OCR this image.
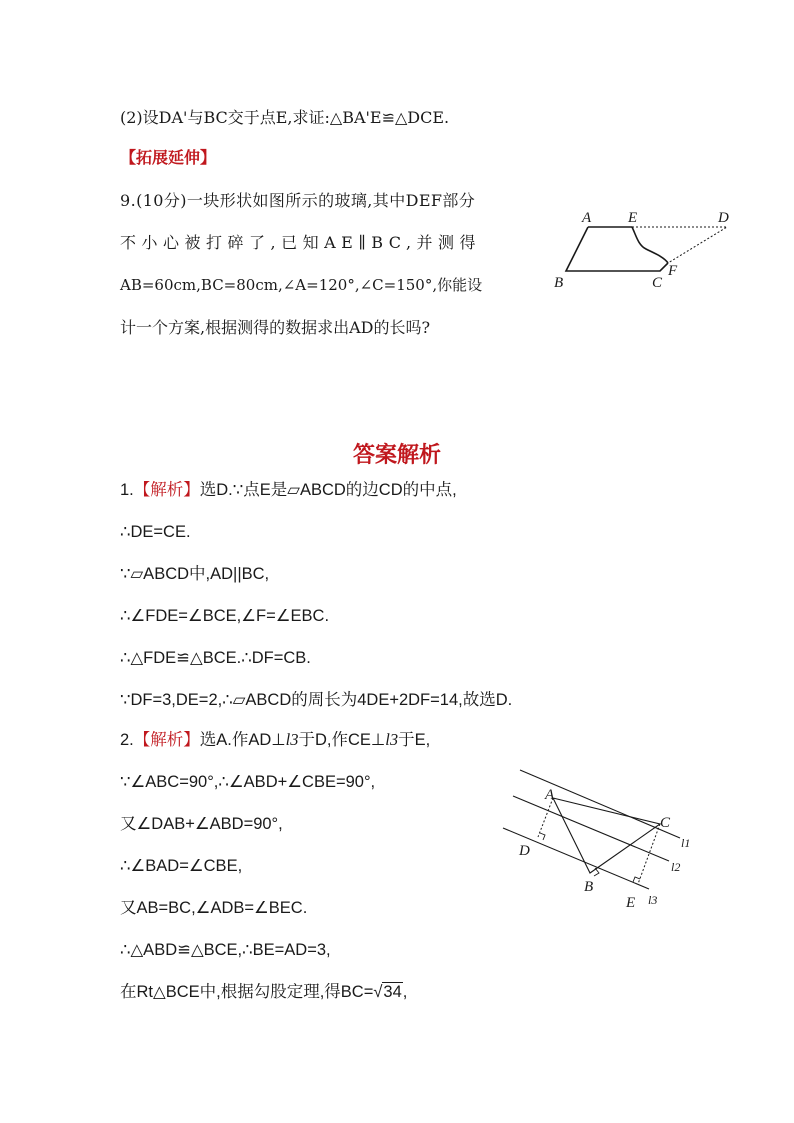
(2)设DA'与BC交于点E,求证:△BA'E≌△DCE.
【拓展延伸】
9.(10分)一块形状如图所示的玻璃,其中DEF部分
不小心被打碎了,已知AE∥BC,并测得
AB=60cm,BC=80cm,∠A=120°,∠C=150°,你能设
计一个方案,根据测得的数据求出AD的长吗?
A E	D
B	C
F
答案解析
1.【解析】选D.∵点E是▱ABCD的边CD的中点,
∴DE=CE.
∵▱ABCD中,AD||BC,
∴∠FDE=∠BCE,∠F=∠EBC.
∴△FDE≌△BCE.∴DF=CB.
∵DF=3,DE=2,∴▱ABCD的周长为4DE+2DF=14,故选D.
2.【解析】选A.作AD⊥l3于D,作CE⊥l3于E,
∵∠ABC=90°,∴∠ABD+∠CBE=90°,
又∠DAB+∠ABD=90°,
∴∠BAD=∠CBE,
又AB=BC,∠ADB=∠BEC.
∴△ABD≌△BCE,∴BE=AD=3,
在Rt△BCE中,根据勾股定理,得BC=√34,
A
C
D
B
E
l1
l2
l3
